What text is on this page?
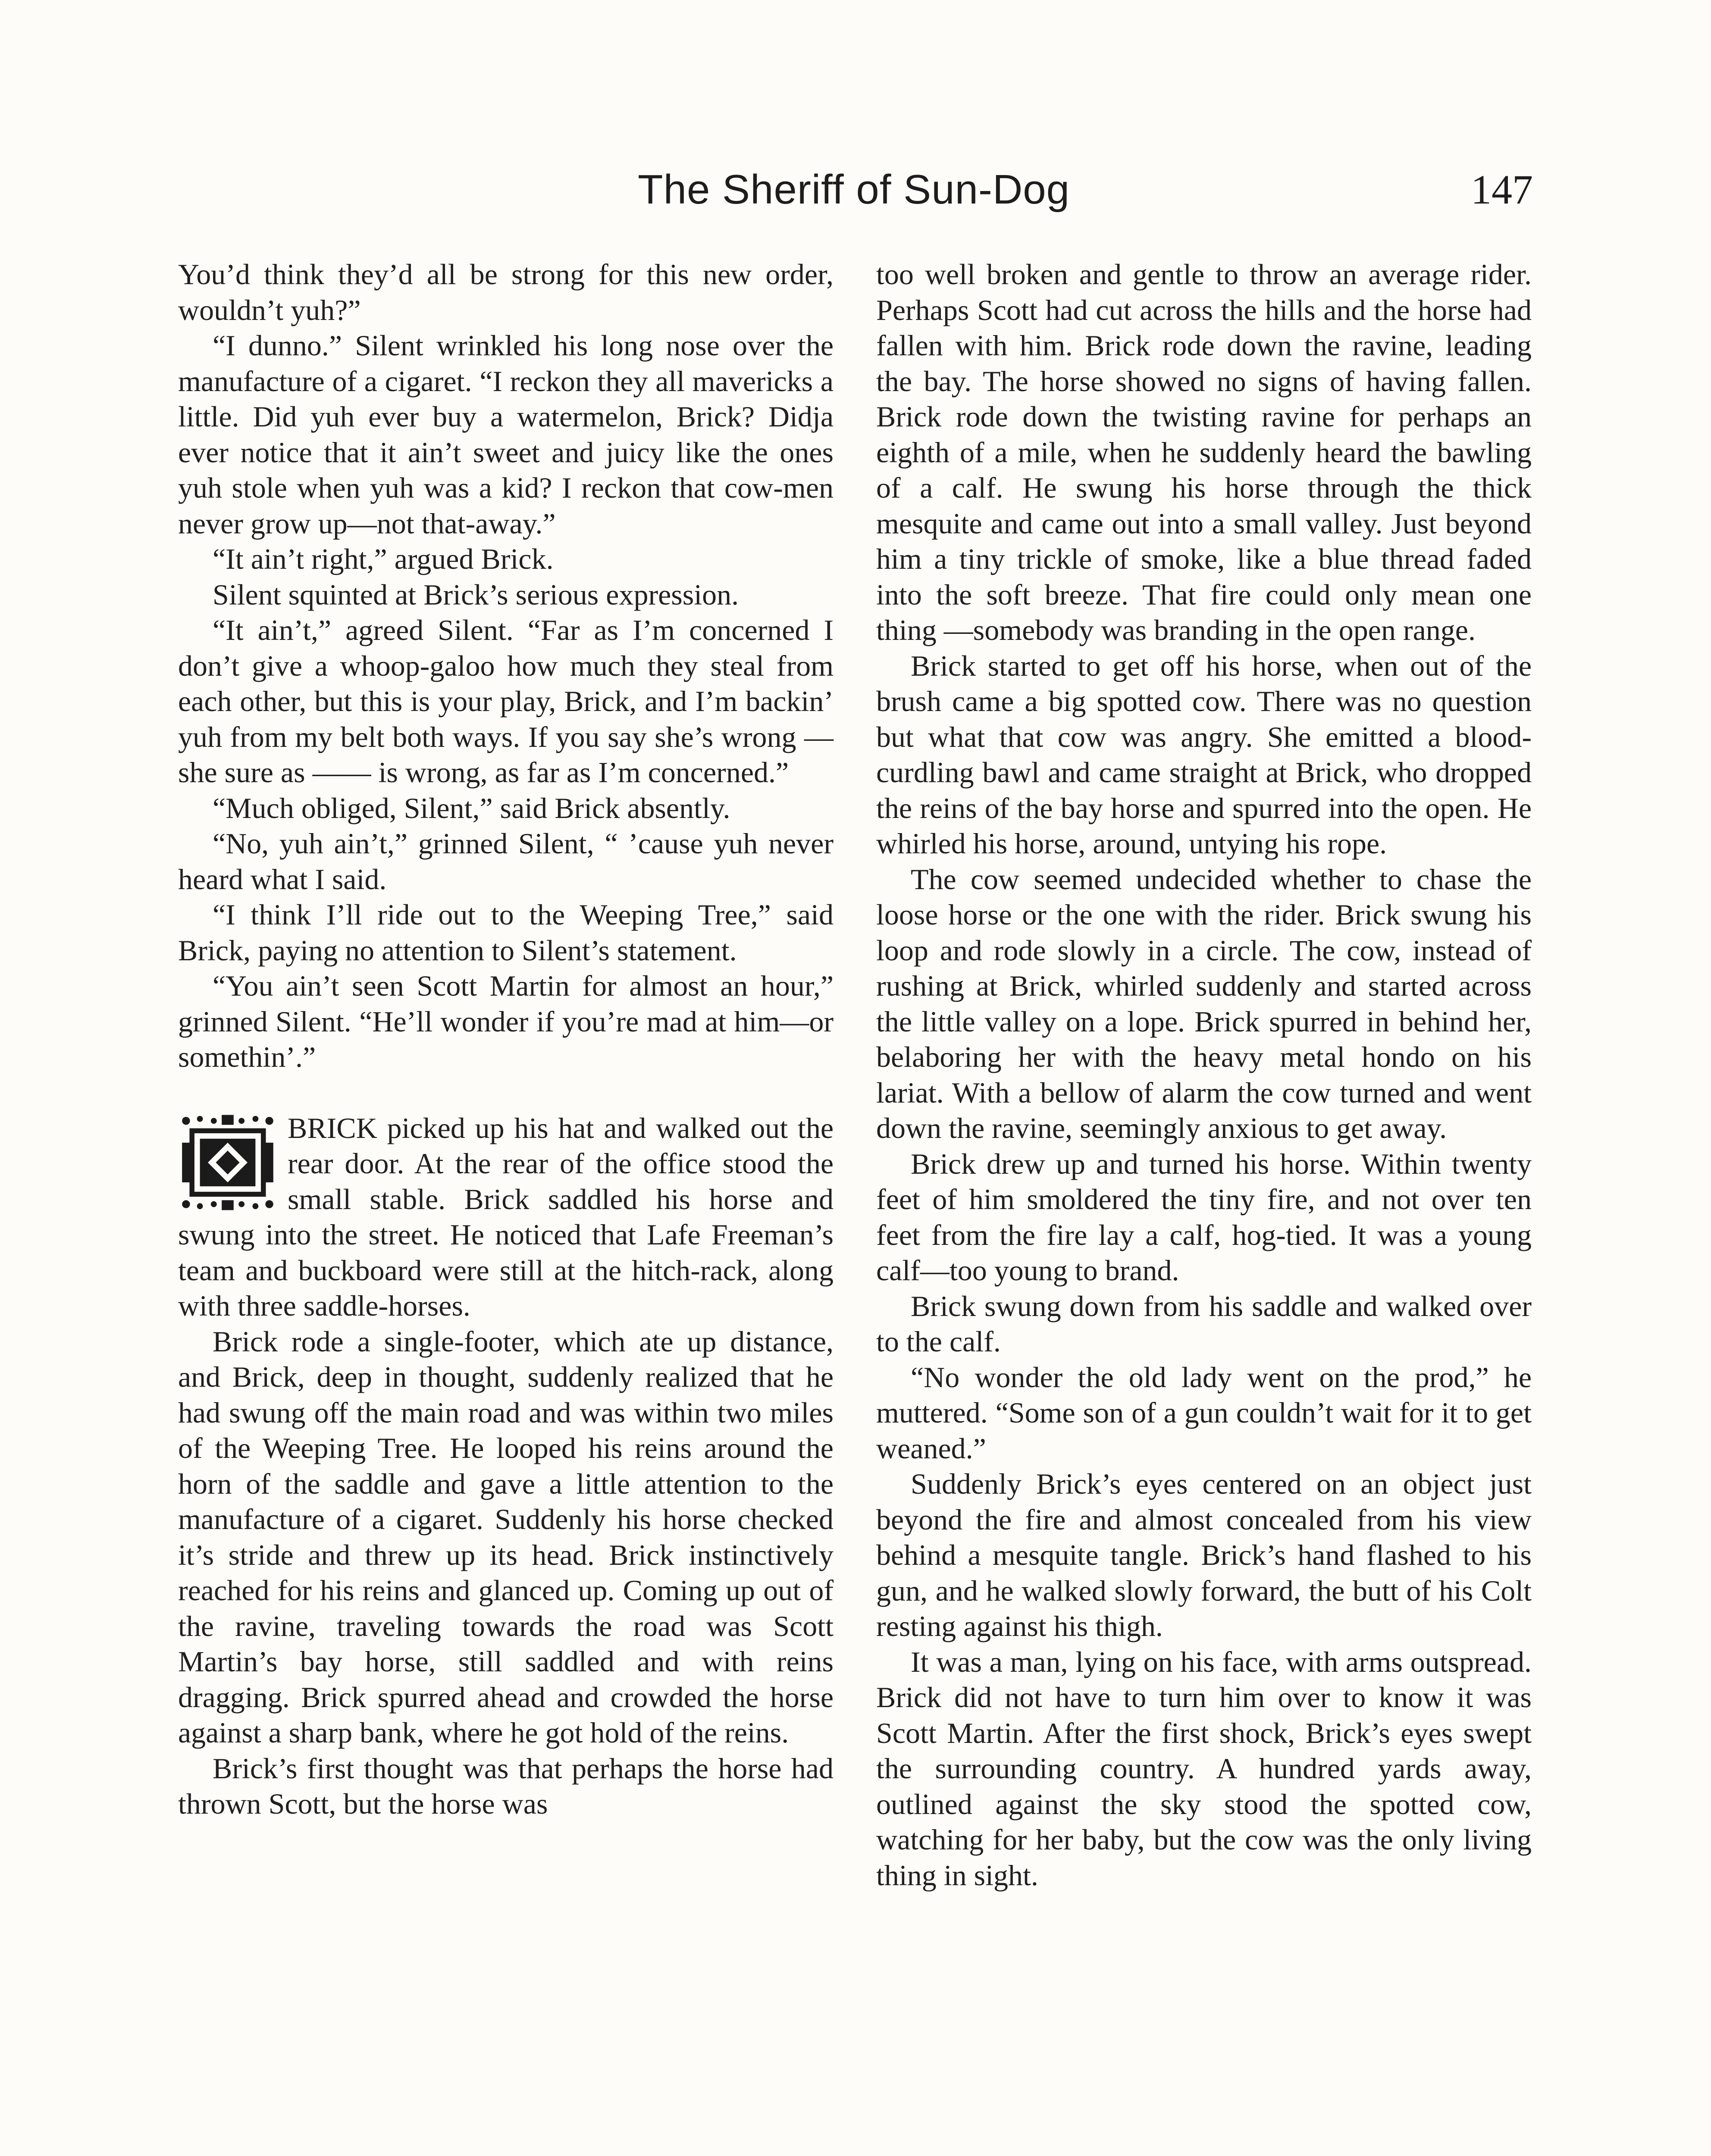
The Sheriff of Sun-Dog	147

You’d think they’d all be strong for this new order, wouldn’t yuh?”

“I dunno.” Silent wrinkled his long nose over the manufacture of a cigaret. “I reckon they all mavericks a little. Did yuh ever buy a watermelon, Brick? Didja ever notice that it ain’t sweet and juicy like the ones yuh stole when yuh was a kid? I reckon that cow-men never grow up—not that-away.”

“It ain’t right,” argued Brick.

Silent squinted at Brick’s serious expression.

“It ain’t,” agreed Silent. “Far as I’m concerned I don’t give a whoop-galoo how much they steal from each other, but this is your play, Brick, and I’m backin’ yuh from my belt both ways. If you say she’s wrong —she sure as —— is wrong, as far as I’m concerned.”

“Much obliged, Silent,” said Brick absently.

“No, yuh ain’t,” grinned Silent, “ ’cause yuh never heard what I said.

“I think I’ll ride out to the Weeping Tree,” said Brick, paying no attention to Silent’s statement.

“You ain’t seen Scott Martin for almost an hour,” grinned Silent. “He’ll wonder if you’re mad at him—or somethin’.”

BRICK picked up his hat and walked out the rear door. At the rear of the office stood the small stable. Brick saddled his horse and swung into the street. He noticed that Lafe Freeman’s team and buckboard were still at the hitch-rack, along with three saddle-horses.

Brick rode a single-footer, which ate up distance, and Brick, deep in thought, suddenly realized that he had swung off the main road and was within two miles of the Weeping Tree. He looped his reins around the horn of the saddle and gave a little attention to the manufacture of a cigaret. Suddenly his horse checked it’s stride and threw up its head. Brick instinctively reached for his reins and glanced up. Coming up out of the ravine, traveling towards the road was Scott Martin’s bay horse, still saddled and with reins dragging. Brick spurred ahead and crowded the horse against a sharp bank, where he got hold of the reins.

Brick’s first thought was that perhaps the horse had thrown Scott, but the horse was

too well broken and gentle to throw an average rider. Perhaps Scott had cut across the hills and the horse had fallen with him. Brick rode down the ravine, leading the bay. The horse showed no signs of having fallen. Brick rode down the twisting ravine for perhaps an eighth of a mile, when he suddenly heard the bawling of a calf. He swung his horse through the thick mesquite and came out into a small valley. Just beyond him a tiny trickle of smoke, like a blue thread faded into the soft breeze. That fire could only mean one thing —somebody was branding in the open range.

Brick started to get off his horse, when out of the brush came a big spotted cow. There was no question but what that cow was angry. She emitted a blood-curdling bawl and came straight at Brick, who dropped the reins of the bay horse and spurred into the open. He whirled his horse, around, untying his rope.

The cow seemed undecided whether to chase the loose horse or the one with the rider. Brick swung his loop and rode slowly in a circle. The cow, instead of rushing at Brick, whirled suddenly and started across the little valley on a lope. Brick spurred in behind her, belaboring her with the heavy metal hondo on his lariat. With a bellow of alarm the cow turned and went down the ravine, seemingly anxious to get away.

Brick drew up and turned his horse. Within twenty feet of him smoldered the tiny fire, and not over ten feet from the fire lay a calf, hog-tied. It was a young calf—too young to brand.

Brick swung down from his saddle and walked over to the calf.

“No wonder the old lady went on the prod,” he muttered. “Some son of a gun couldn’t wait for it to get weaned.”

Suddenly Brick’s eyes centered on an object just beyond the fire and almost concealed from his view behind a mesquite tangle. Brick’s hand flashed to his gun, and he walked slowly forward, the butt of his Colt resting against his thigh.

It was a man, lying on his face, with arms outspread. Brick did not have to turn him over to know it was Scott Martin. After the first shock, Brick’s eyes swept the surrounding country. A hundred yards away, outlined against the sky stood the spotted cow, watching for her baby, but the cow was the only living thing in sight.
